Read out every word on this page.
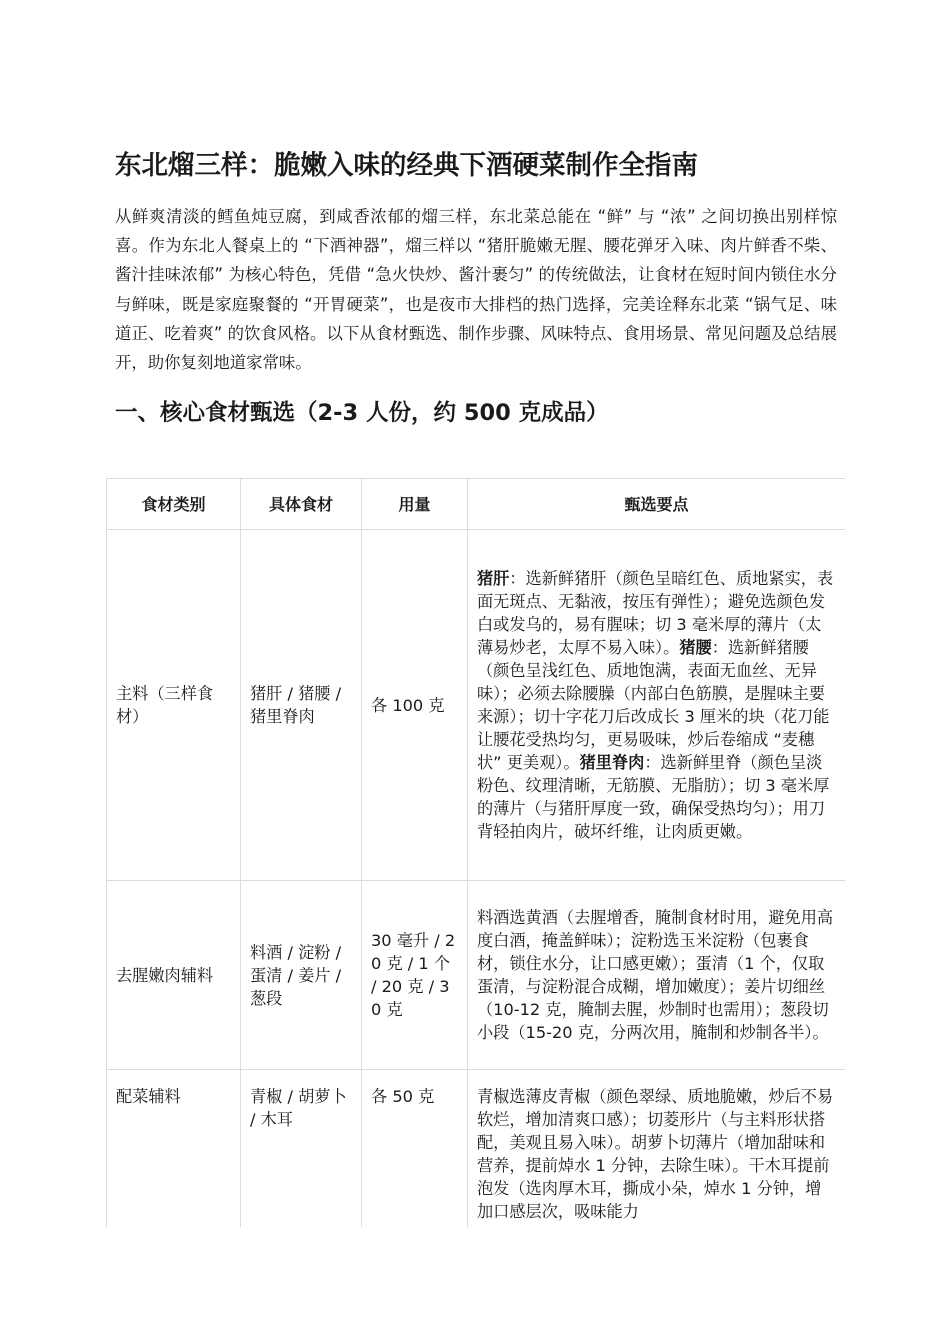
东北熘三样：脆嫩入味的经典下酒硬菜制作全指南

从鲜爽清淡的鳕鱼炖豆腐，到咸香浓郁的熘三样，东北菜总能在 “鲜” 与 “浓” 之间切换出别样惊喜。作为东北人餐桌上的 “下酒神器”，熘三样以 “猪肝脆嫩无腥、腰花弹牙入味、肉片鲜香不柴、酱汁挂味浓郁” 为核心特色，凭借 “急火快炒、酱汁裹匀” 的传统做法，让食材在短时间内锁住水分与鲜味，既是家庭聚餐的 “开胃硬菜”，也是夜市大排档的热门选择，完美诠释东北菜 “锅气足、味道正、吃着爽” 的饮食风格。以下从食材甄选、制作步骤、风味特点、食用场景、常见问题及总结展开，助你复刻地道家常味。

一、核心食材甄选（2-3 人份，约 500 克成品）
食材类别	具体食材	用量	甄选要点
主料（三样食材）	猪肝 / 猪腰 / 猪里脊肉	各 100 克	猪肝：选新鲜猪肝（颜色呈暗红色、质地紧实，表面无斑点、无黏液，按压有弹性）；避免选颜色发白或发乌的，易有腥味；切 3 毫米厚的薄片（太薄易炒老，太厚不易入味）。猪腰：选新鲜猪腰（颜色呈浅红色、质地饱满，表面无血丝、无异味）；必须去除腰臊（内部白色筋膜，是腥味主要来源）；切十字花刀后改成长 3 厘米的块（花刀能让腰花受热均匀，更易吸味，炒后卷缩成 “麦穗状” 更美观）。猪里脊肉：选新鲜里脊（颜色呈淡粉色、纹理清晰，无筋膜、无脂肪）；切 3 毫米厚的薄片（与猪肝厚度一致，确保受热均匀）；用刀背轻拍肉片，破坏纤维，让肉质更嫩。
去腥嫩肉辅料	料酒 / 淀粉 / 蛋清 / 姜片 / 葱段	30 毫升 / 20 克 / 1 个 / 20 克 / 30 克	料酒选黄酒（去腥增香，腌制食材时用，避免用高度白酒，掩盖鲜味）；淀粉选玉米淀粉（包裹食材，锁住水分，让口感更嫩）；蛋清（1 个，仅取蛋清，与淀粉混合成糊，增加嫩度）；姜片切细丝（10-12 克，腌制去腥，炒制时也需用）；葱段切小段（15-20 克，分两次用，腌制和炒制各半）。
配菜辅料	青椒 / 胡萝卜 / 木耳	各 50 克	青椒选薄皮青椒（颜色翠绿、质地脆嫩，炒后不易软烂，增加清爽口感）；切菱形片（与主料形状搭配，美观且易入味）。胡萝卜切薄片（增加甜味和营养，提前焯水 1 分钟，去除生味）。干木耳提前泡发（选肉厚木耳，撕成小朵，焯水 1 分钟，增加口感层次，吸味能力
